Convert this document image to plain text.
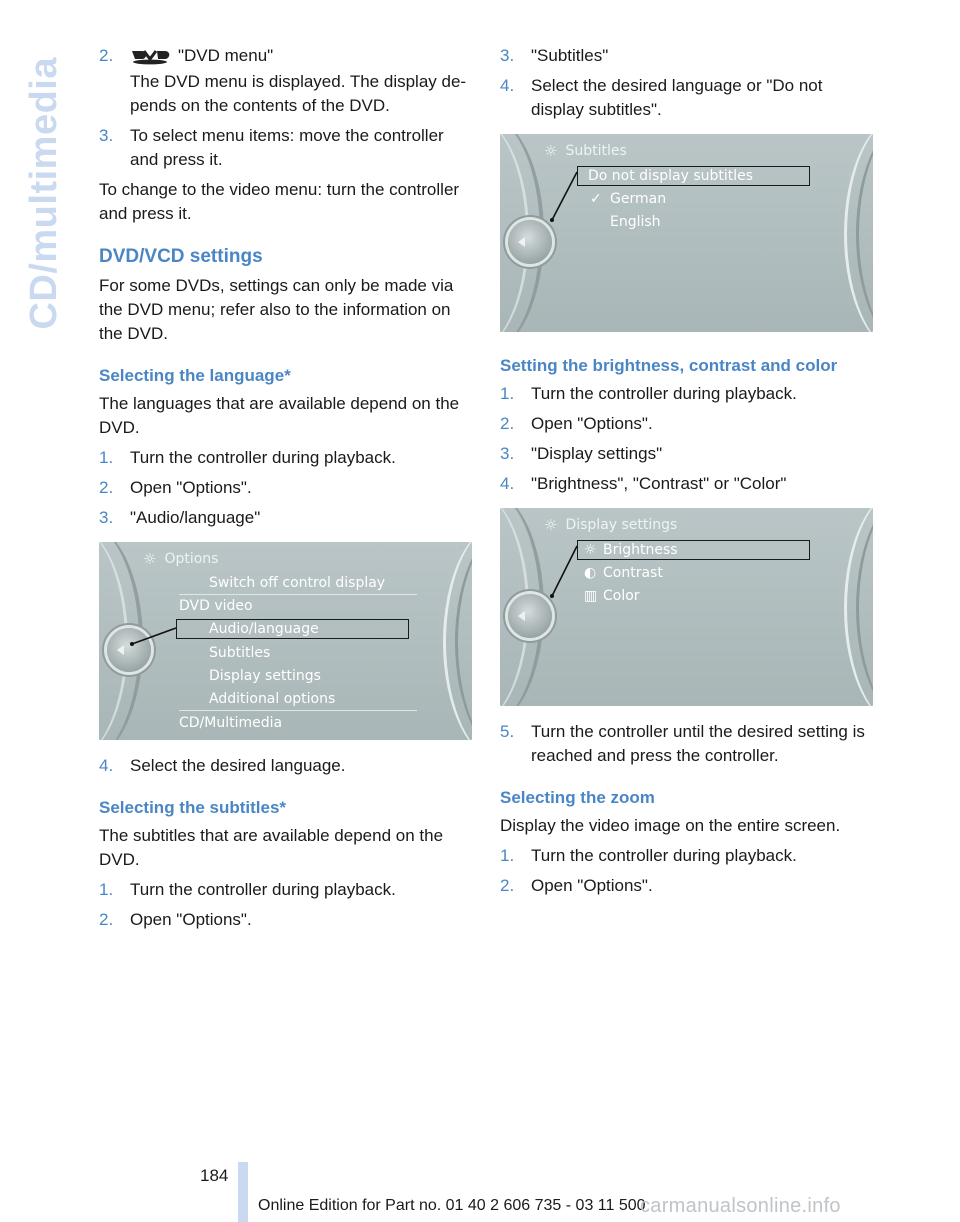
CD/multimedia
2.	"DVD menu"

The DVD menu is displayed. The display de-pends on the contents of the DVD.

3. To select menu items: move the controller and press it.

To change to the video menu: turn the controller and press it.

DVD/VCD settings

For some DVDs, settings can only be made via the DVD menu; refer also to the information on the DVD.

Selecting the language*

The languages that are available depend on the DVD.

1. Turn the controller during playback.
2. Open "Options".
3. "Audio/language"
☼ Options
Switch off control display
DVD video
Audio/language
Subtitles
Display settings
Additional options
CD/Multimedia
4. Select the desired language.
Selecting the subtitles*

The subtitles that are available depend on the DVD.

1. Turn the controller during playback.
2. Open "Options".
3. "Subtitles"
4. Select the desired language or "Do not display subtitles".
☼ Subtitles
Do not display subtitles
✓ German
English
Setting the brightness, contrast and color
1. Turn the controller during playback.
2. Open "Options".
3. "Display settings"
4. "Brightness", "Contrast" or "Color"
☼ Display settings
☼ Brightness
◐ Contrast
▥ Color
5. Turn the controller until the desired setting is reached and press the controller.
Selecting the zoom

Display the video image on the entire screen.

1. Turn the controller during playback.
2. Open "Options".
184
Online Edition for Part no. 01 40 2 606 735 - 03 11 500
carmanualsonline.info
